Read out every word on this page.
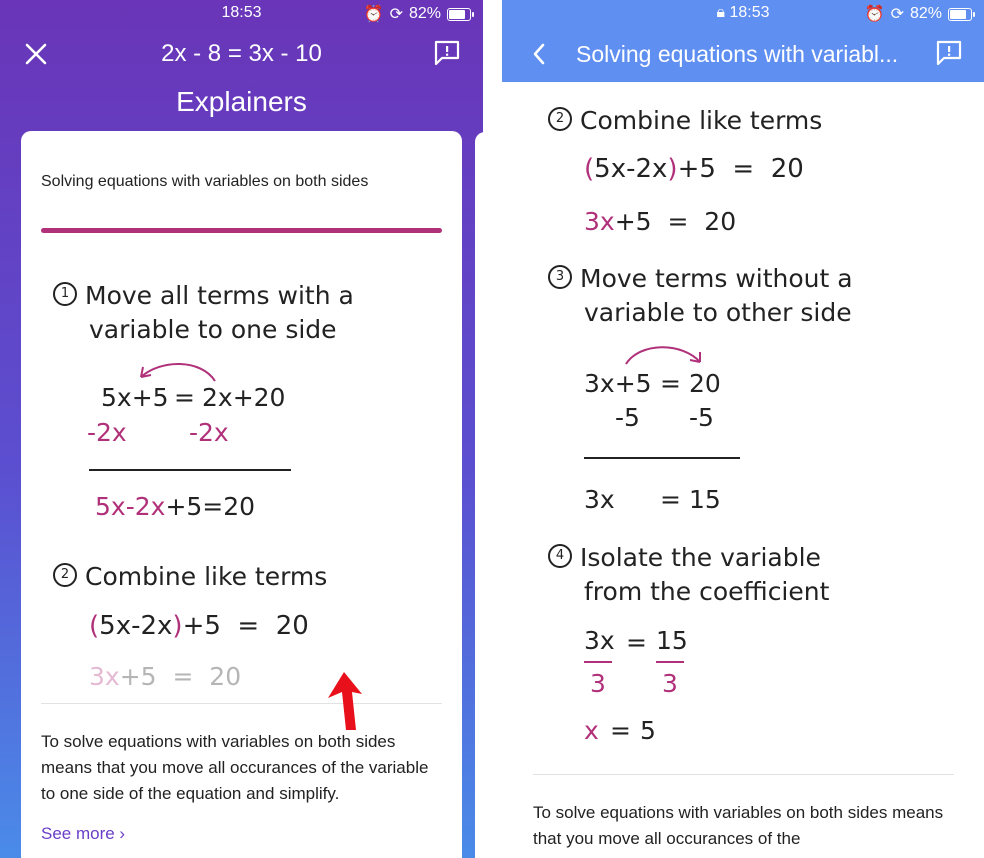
18:53	⏰ ⟳ 82%
2x - 8 = 3x - 10
Explainers
Solving equations with variables on both sides
1 Move all terms with a
variable to one side
5x+5 = 2x+20
-2x -2x
5x-2x+5=20
2 Combine like terms
(5x-2x)+5  =  20
3x+5  =  20
To solve equations with variables on both sides means that you move all occurances of the variable to one side of the equation and simplify.
See more ›
🔒︎ 18:53	⏰ ⟳ 82%
Solving equations with variabl...
2 Combine like terms
(5x-2x)+5  =  20
3x+5  =  20
3 Move terms without a
variable to other side
3x+5 = 20
-5 -5
3x = 15
4 Isolate the variable
from the coefficient
3x = 15
3 3
x = 5
To solve equations with variables on both sides means that you move all occurances of the
